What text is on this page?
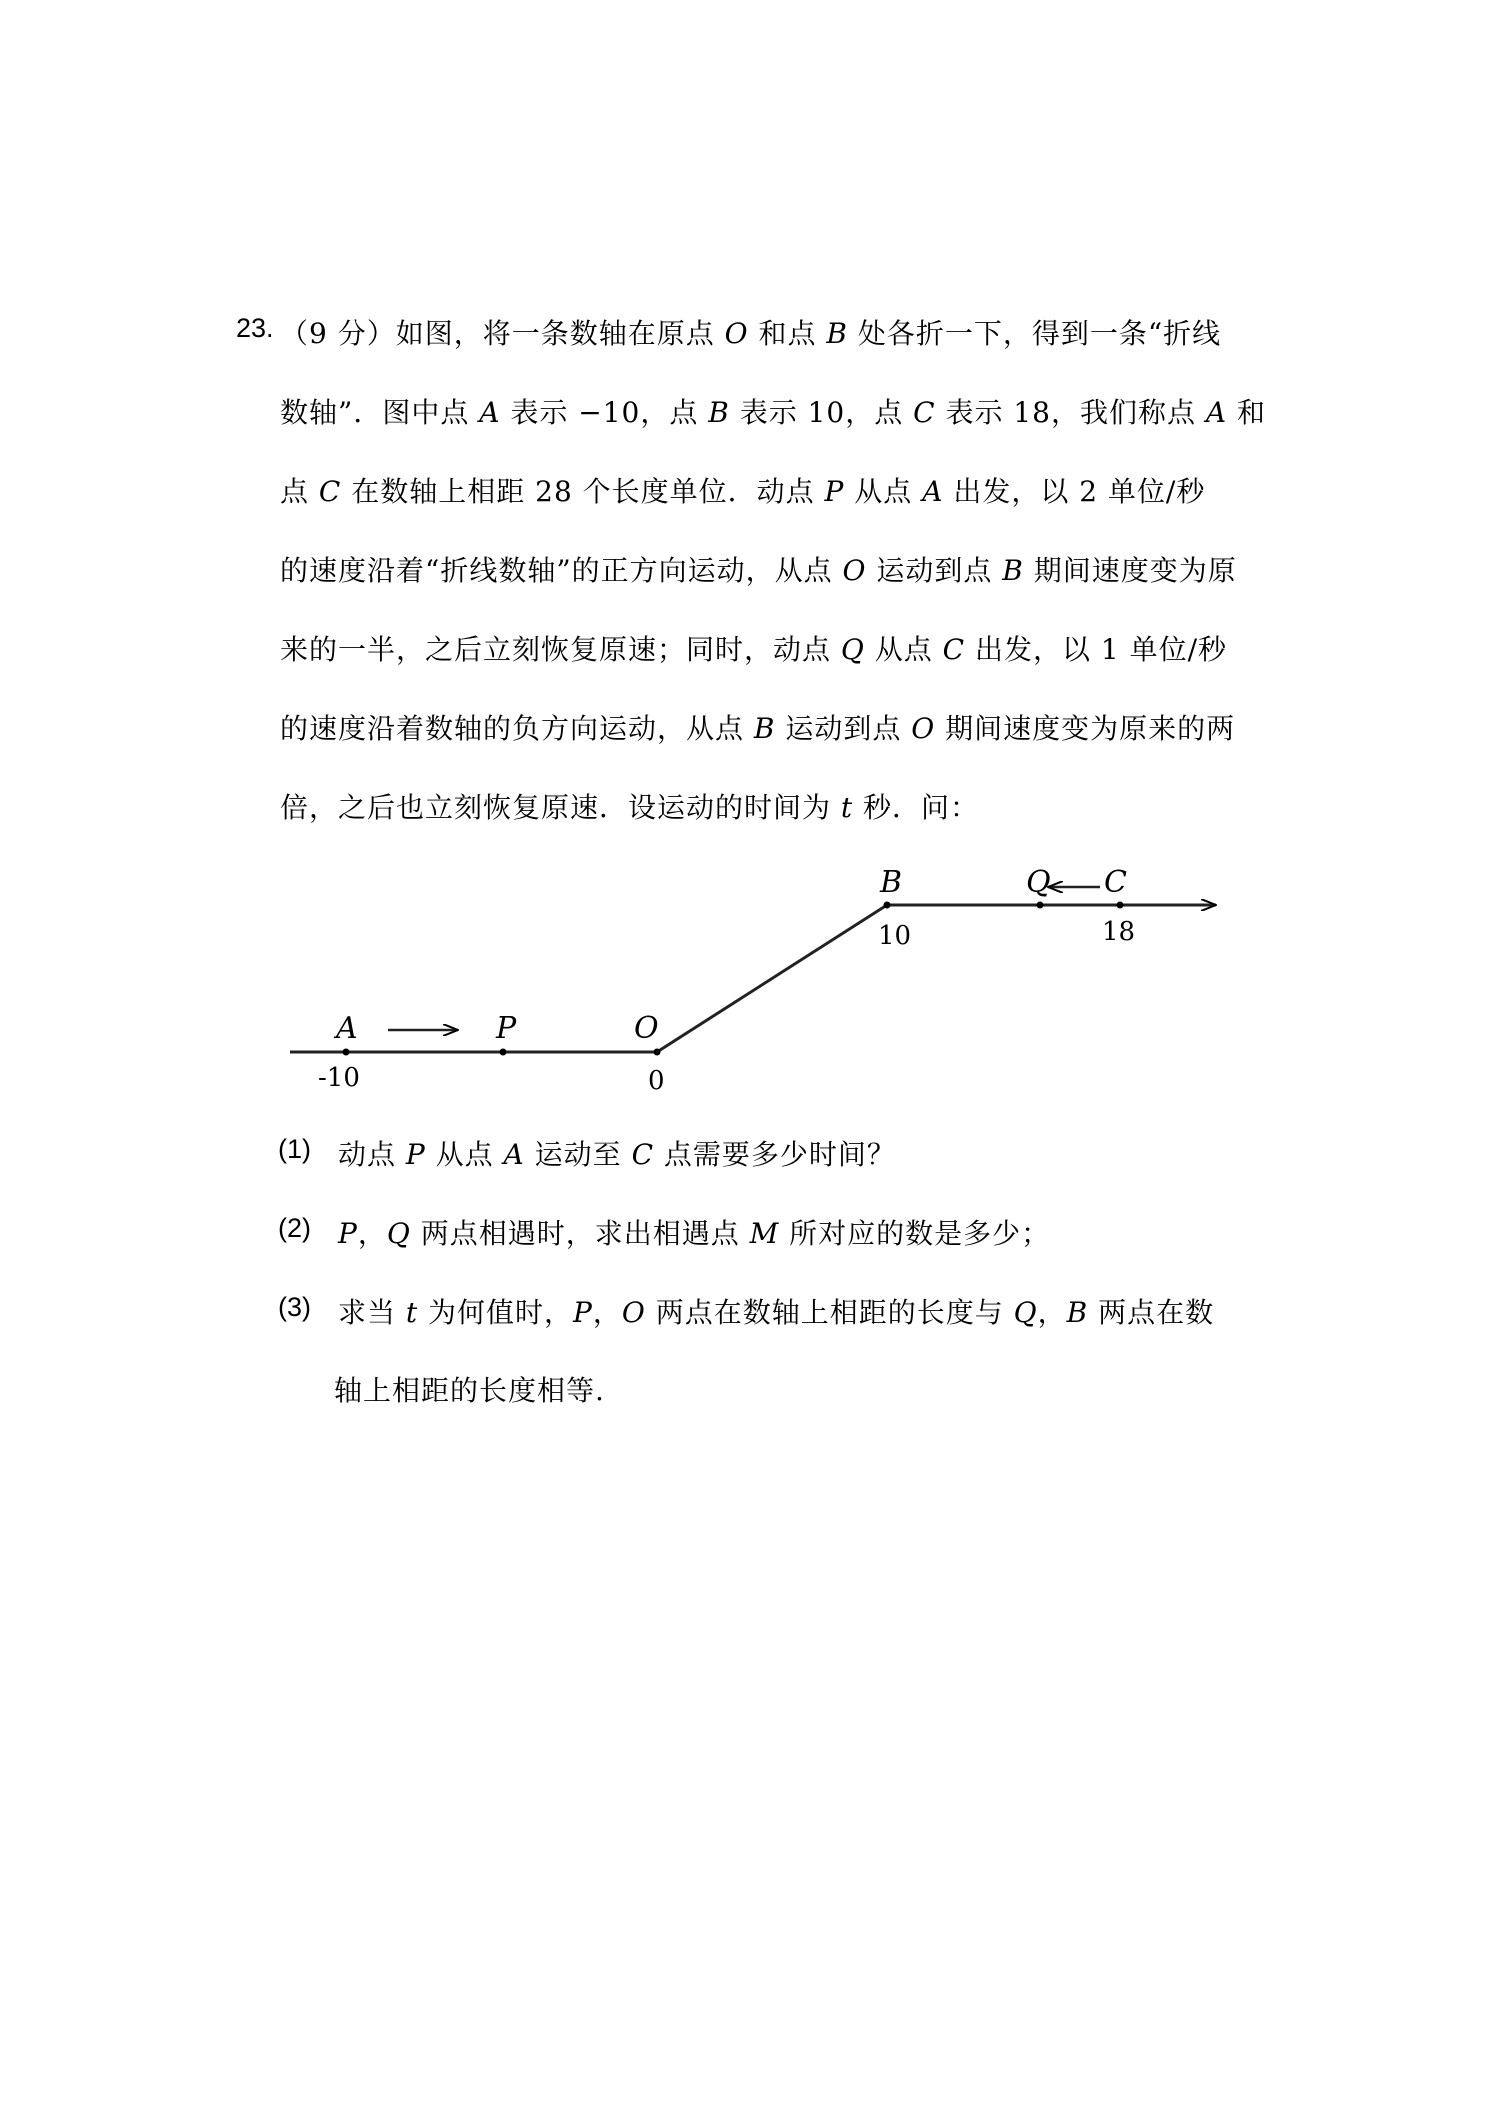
23. （9 分）如图，将一条数轴在原点 𝑂 和点 𝐵 处各折一下，得到一条“折线
数轴”．图中点 𝐴 表示 −10，点 𝐵 表示 10，点 𝐶 表示 18，我们称点 𝐴 和
点 𝐶 在数轴上相距 28 个长度单位．动点 𝑃 从点 𝐴 出发，以 2 单位/秒
的速度沿着“折线数轴”的正方向运动，从点 𝑂 运动到点 𝐵 期间速度变为原
来的一半，之后立刻恢复原速；同时，动点 𝑄 从点 𝐶 出发，以 1 单位/秒
的速度沿着数轴的负方向运动，从点 𝐵 运动到点 𝑂 期间速度变为原来的两
倍，之后也立刻恢复原速．设运动的时间为 𝑡 秒．问：
A	P	O
B	Q C
-10	0
10	18
(1) 动点 𝑃 从点 𝐴 运动至 𝐶 点需要多少时间？
(2) 𝑃，𝑄 两点相遇时，求出相遇点 𝑀 所对应的数是多少；
(3) 求当 𝑡 为何值时，𝑃，𝑂 两点在数轴上相距的长度与 𝑄，𝐵 两点在数
轴上相距的长度相等.
